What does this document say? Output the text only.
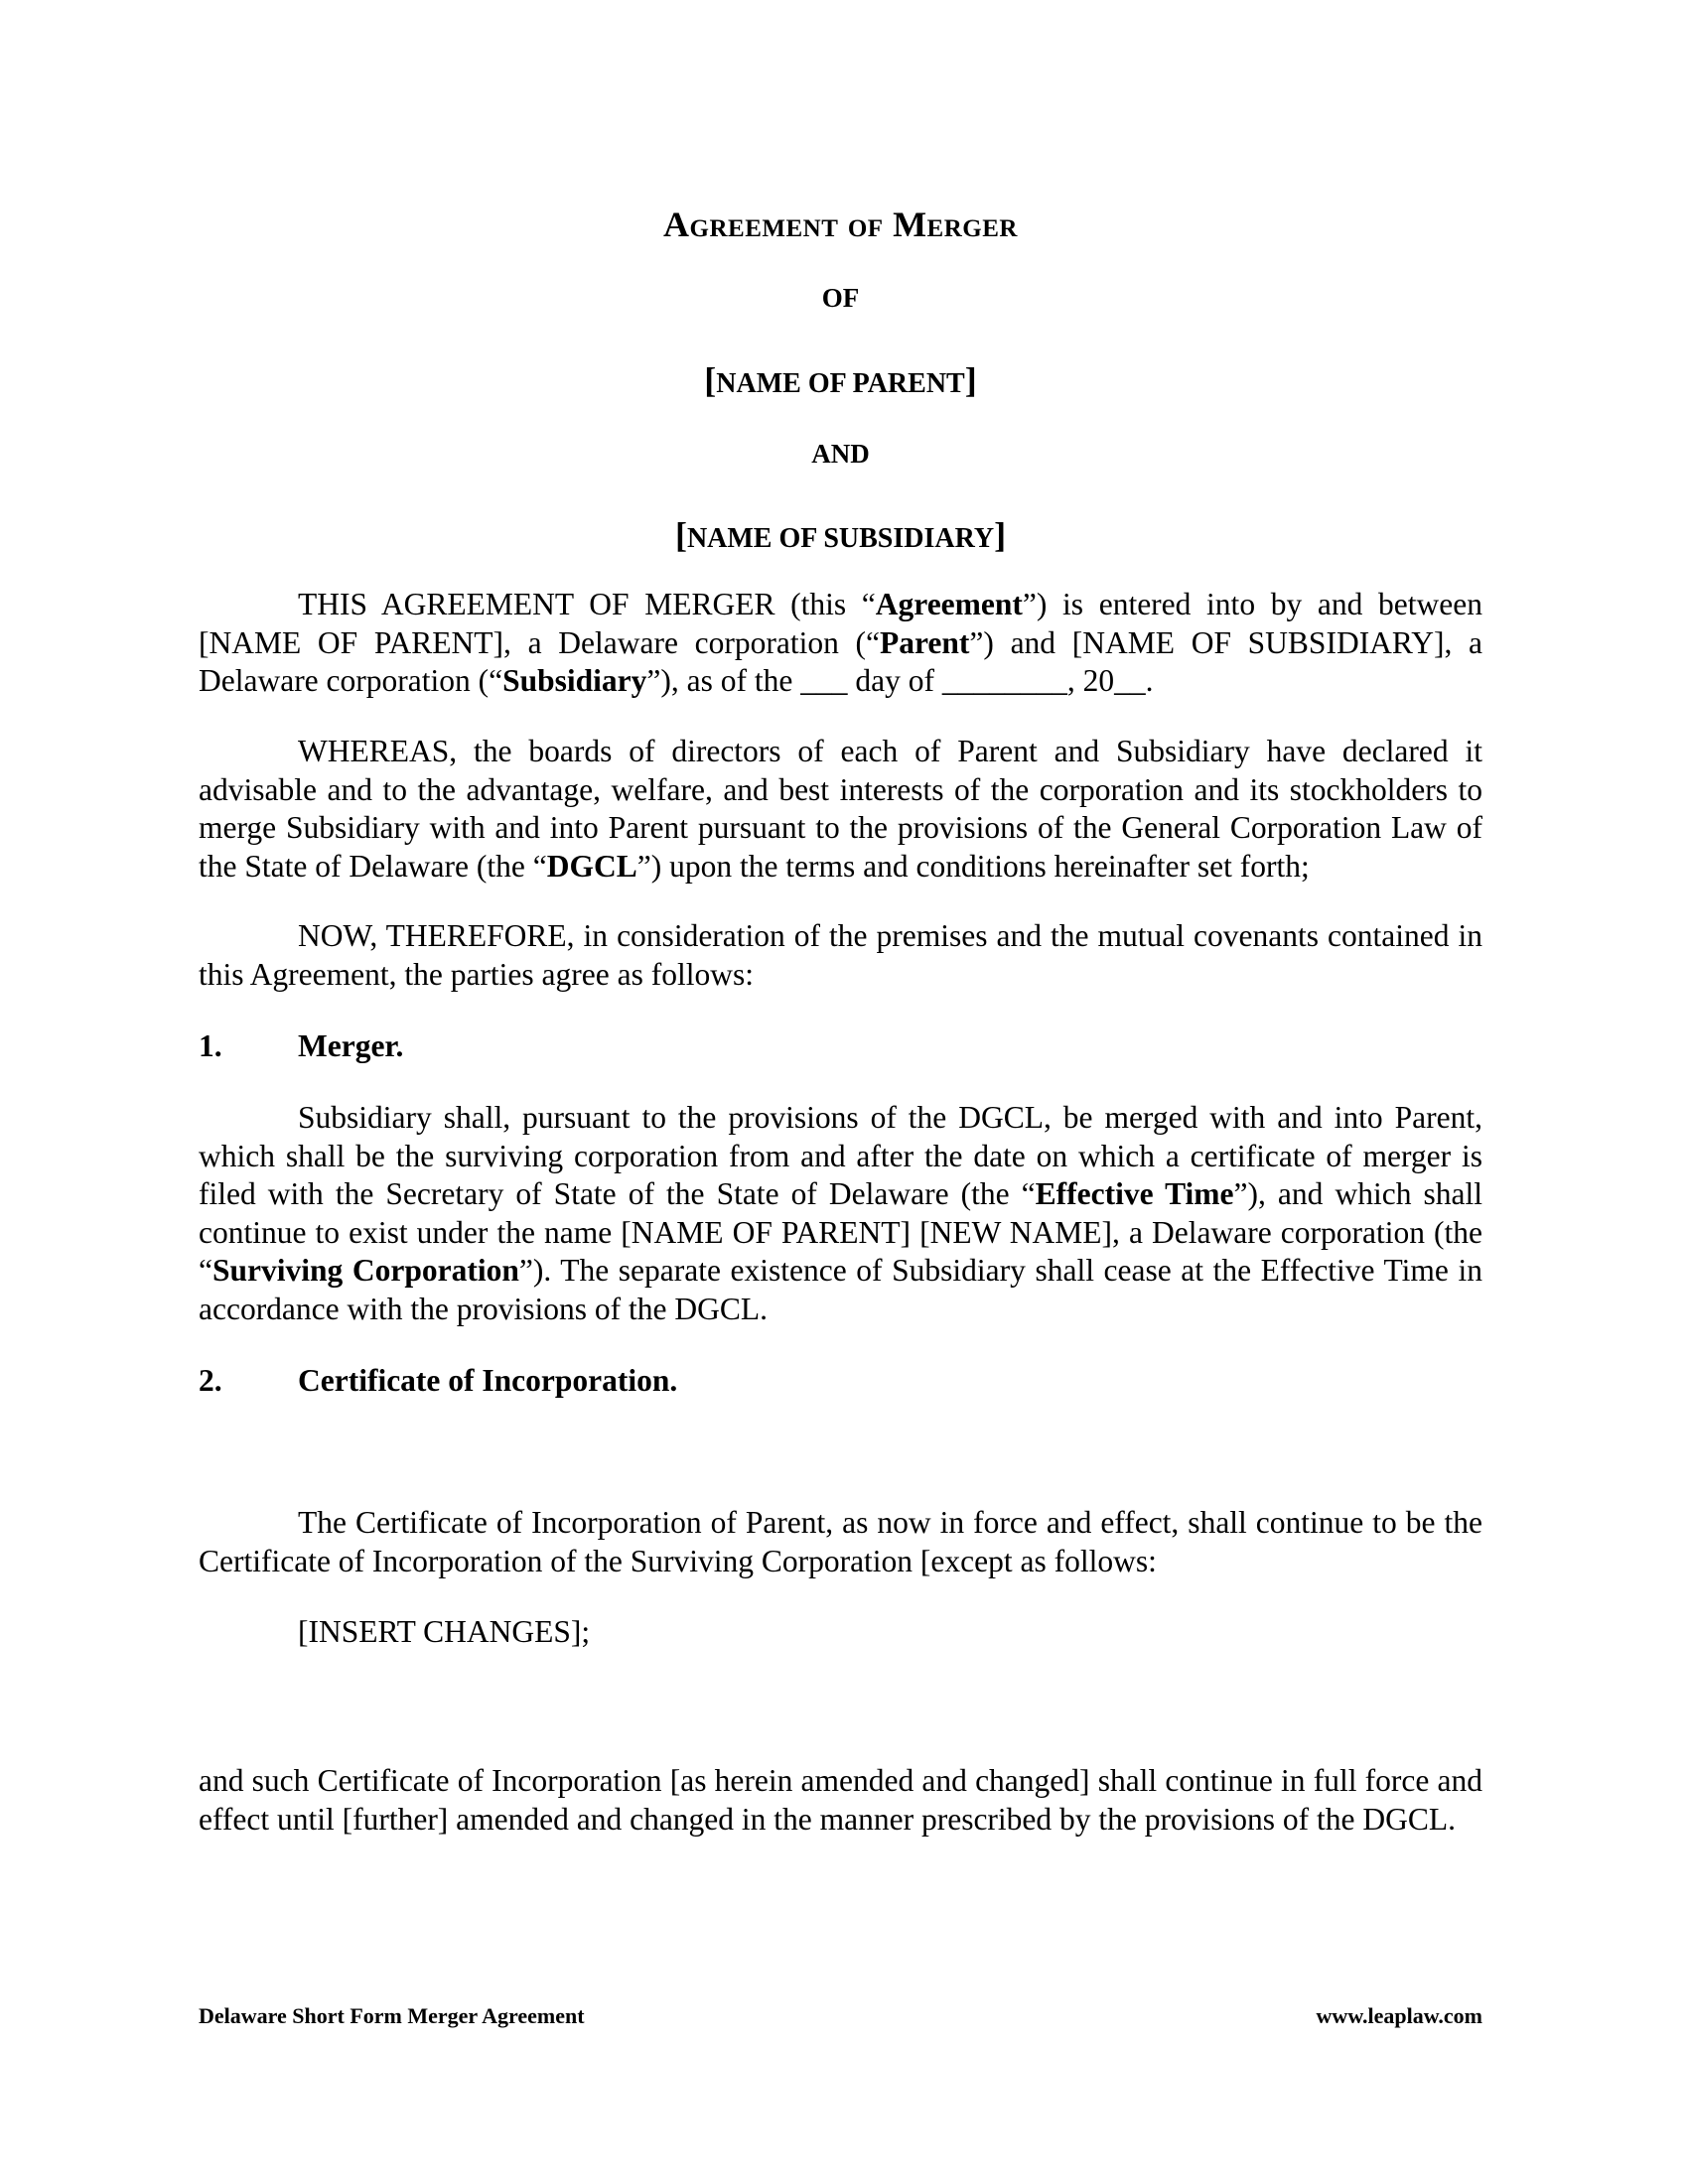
Agreement of Merger
OF
[NAME OF PARENT]
AND
[NAME OF SUBSIDIARY]
THIS AGREEMENT OF MERGER (this “Agreement”) is entered into by and between [NAME OF PARENT], a Delaware corporation (“Parent”) and [NAME OF SUBSIDIARY], a Delaware corporation (“Subsidiary”), as of the ___ day of ________, 20__.
WHEREAS, the boards of directors of each of Parent and Subsidiary have declared it advisable and to the advantage, welfare, and best interests of the corporation and its stockholders to merge Subsidiary with and into Parent pursuant to the provisions of the General Corporation Law of the State of Delaware (the “DGCL”) upon the terms and conditions hereinafter set forth;
NOW, THEREFORE, in consideration of the premises and the mutual covenants contained in this Agreement, the parties agree as follows:
1. Merger.
Subsidiary shall, pursuant to the provisions of the DGCL, be merged with and into Parent, which shall be the surviving corporation from and after the date on which a certificate of merger is filed with the Secretary of State of the State of Delaware (the “Effective Time”), and which shall continue to exist under the name [NAME OF PARENT] [NEW NAME], a Delaware corporation (the “Surviving Corporation”). The separate existence of Subsidiary shall cease at the Effective Time in accordance with the provisions of the DGCL.
2. Certificate of Incorporation.
The Certificate of Incorporation of Parent, as now in force and effect, shall continue to be the Certificate of Incorporation of the Surviving Corporation [except as follows:
[INSERT CHANGES];
and such Certificate of Incorporation [as herein amended and changed] shall continue in full force and effect until [further] amended and changed in the manner prescribed by the provisions of the DGCL.
Delaware Short Form Merger Agreement	www.leaplaw.com
